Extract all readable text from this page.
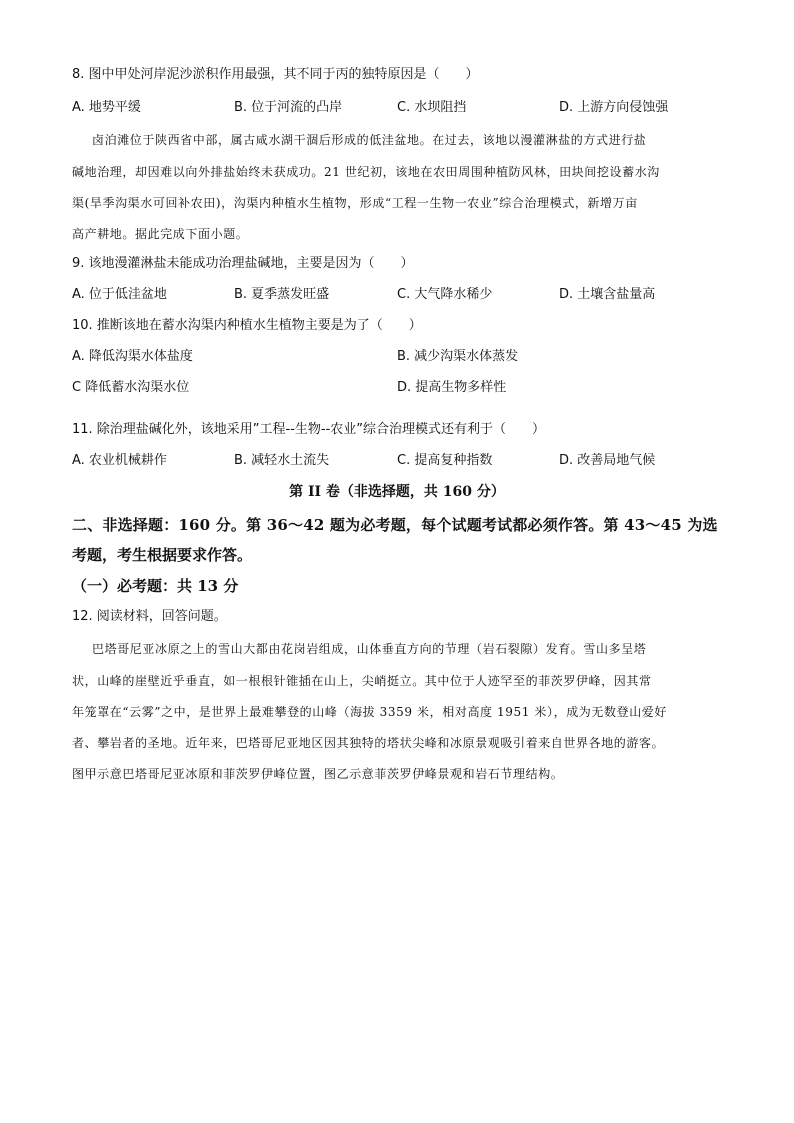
8. 图中甲处河岸泥沙淤积作用最强，其不同于丙的独特原因是（　　）
A. 地势平缓	B. 位于河流的凸岸	C. 水坝阻挡	D. 上游方向侵蚀强
卤泊滩位于陕西省中部，属古咸水湖干涸后形成的低洼盆地。在过去，该地以漫灌淋盐的方式进行盐
碱地治理，却因难以向外排盐始终未获成功。21 世纪初，该地在农田周围种植防风林，田块间挖设蓄水沟
渠(旱季沟渠水可回补农田)，沟渠内种植水生植物，形成“工程一生物一农业”综合治理模式，新增万亩
高产耕地。据此完成下面小题。
9. 该地漫灌淋盐未能成功治理盐碱地，主要是因为（　　）
A. 位于低洼盆地	B. 夏季蒸发旺盛	C. 大气降水稀少	D. 土壤含盐量高
10. 推断该地在蓄水沟渠内种植水生植物主要是为了（　　）
A. 降低沟渠水体盐度	B. 减少沟渠水体蒸发
C 降低蓄水沟渠水位	D. 提高生物多样性
11. 除治理盐碱化外，该地采用”工程--生物--农业”综合治理模式还有利于（　　）
A. 农业机械耕作	B. 减轻水土流失	C. 提高复种指数	D. 改善局地气候
第 II 卷（非选择题，共 160 分）
二、非选择题：160 分。第 36～42 题为必考题，每个试题考试都必须作答。第 43～45 为选
考题，考生根据要求作答。
（一）必考题：共 13 分
12. 阅读材料，回答问题。
巴塔哥尼亚冰原之上的雪山大都由花岗岩组成，山体垂直方向的节理（岩石裂隙）发育。雪山多呈塔
状，山峰的崖壁近乎垂直，如一根根针锥插在山上，尖峭挺立。其中位于人迹罕至的菲茨罗伊峰，因其常
年笼罩在“云雾”之中，是世界上最难攀登的山峰（海拔 3359 米，相对高度 1951 米），成为无数登山爱好
者、攀岩者的圣地。近年来，巴塔哥尼亚地区因其独特的塔状尖峰和冰原景观吸引着来自世界各地的游客。
图甲示意巴塔哥尼亚冰原和菲茨罗伊峰位置，图乙示意菲茨罗伊峰景观和岩石节理结构。
